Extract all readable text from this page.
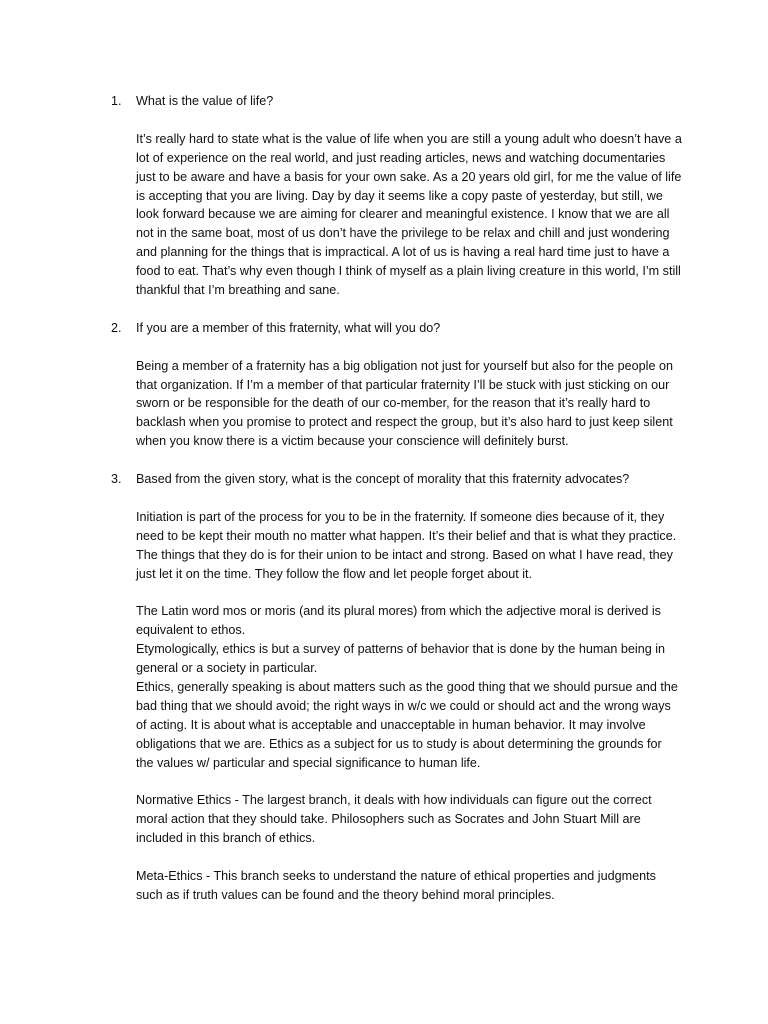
1.	What is the value of life?

It’s really hard to state what is the value of life when you are still a young adult who doesn’t have a lot of experience on the real world, and just reading articles, news and watching documentaries just to be aware and have a basis for your own sake. As a 20 years old girl, for me the value of life is accepting that you are living. Day by day it seems like a copy paste of yesterday, but still, we look forward because we are aiming for clearer and meaningful existence. I know that we are all not in the same boat, most of us don’t have the privilege to be relax and chill and just wondering and planning for the things that is impractical. A lot of us is having a real hard time just to have a food to eat. That’s why even though I think of myself as a plain living creature in this world, I’m still thankful that I’m breathing and sane.

2.	If you are a member of this fraternity, what will you do?

Being a member of a fraternity has a big obligation not just for yourself but also for the people on that organization. If I’m a member of that particular fraternity I’ll be stuck with just sticking on our sworn or be responsible for the death of our co-member, for the reason that it’s really hard to backlash when you promise to protect and respect the group, but it’s also hard to just keep silent when you know there is a victim because your conscience will definitely burst.

3.	Based from the given story, what is the concept of morality that this fraternity advocates?

Initiation is part of the process for you to be in the fraternity. If someone dies because of it, they need to be kept their mouth no matter what happen. It’s their belief and that is what they practice. The things that they do is for their union to be intact and strong. Based on what I have read, they just let it on the time. They follow the flow and let people forget about it.

The Latin word mos or moris (and its plural mores) from which the adjective moral is derived is equivalent to ethos.

Etymologically, ethics is but a survey of patterns of behavior that is done by the human being in general or a society in particular.

Ethics, generally speaking is about matters such as the good thing that we should pursue and the bad thing that we should avoid; the right ways in w/c we could or should act and the wrong ways of acting. It is about what is acceptable and unacceptable in human behavior. It may involve obligations that we are. Ethics as a subject for us to study is about determining the grounds for the values w/ particular and special significance to human life.

Normative Ethics - The largest branch, it deals with how individuals can figure out the correct moral action that they should take. Philosophers such as Socrates and John Stuart Mill are included in this branch of ethics.

Meta-Ethics - This branch seeks to understand the nature of ethical properties and judgments such as if truth values can be found and the theory behind moral principles.
